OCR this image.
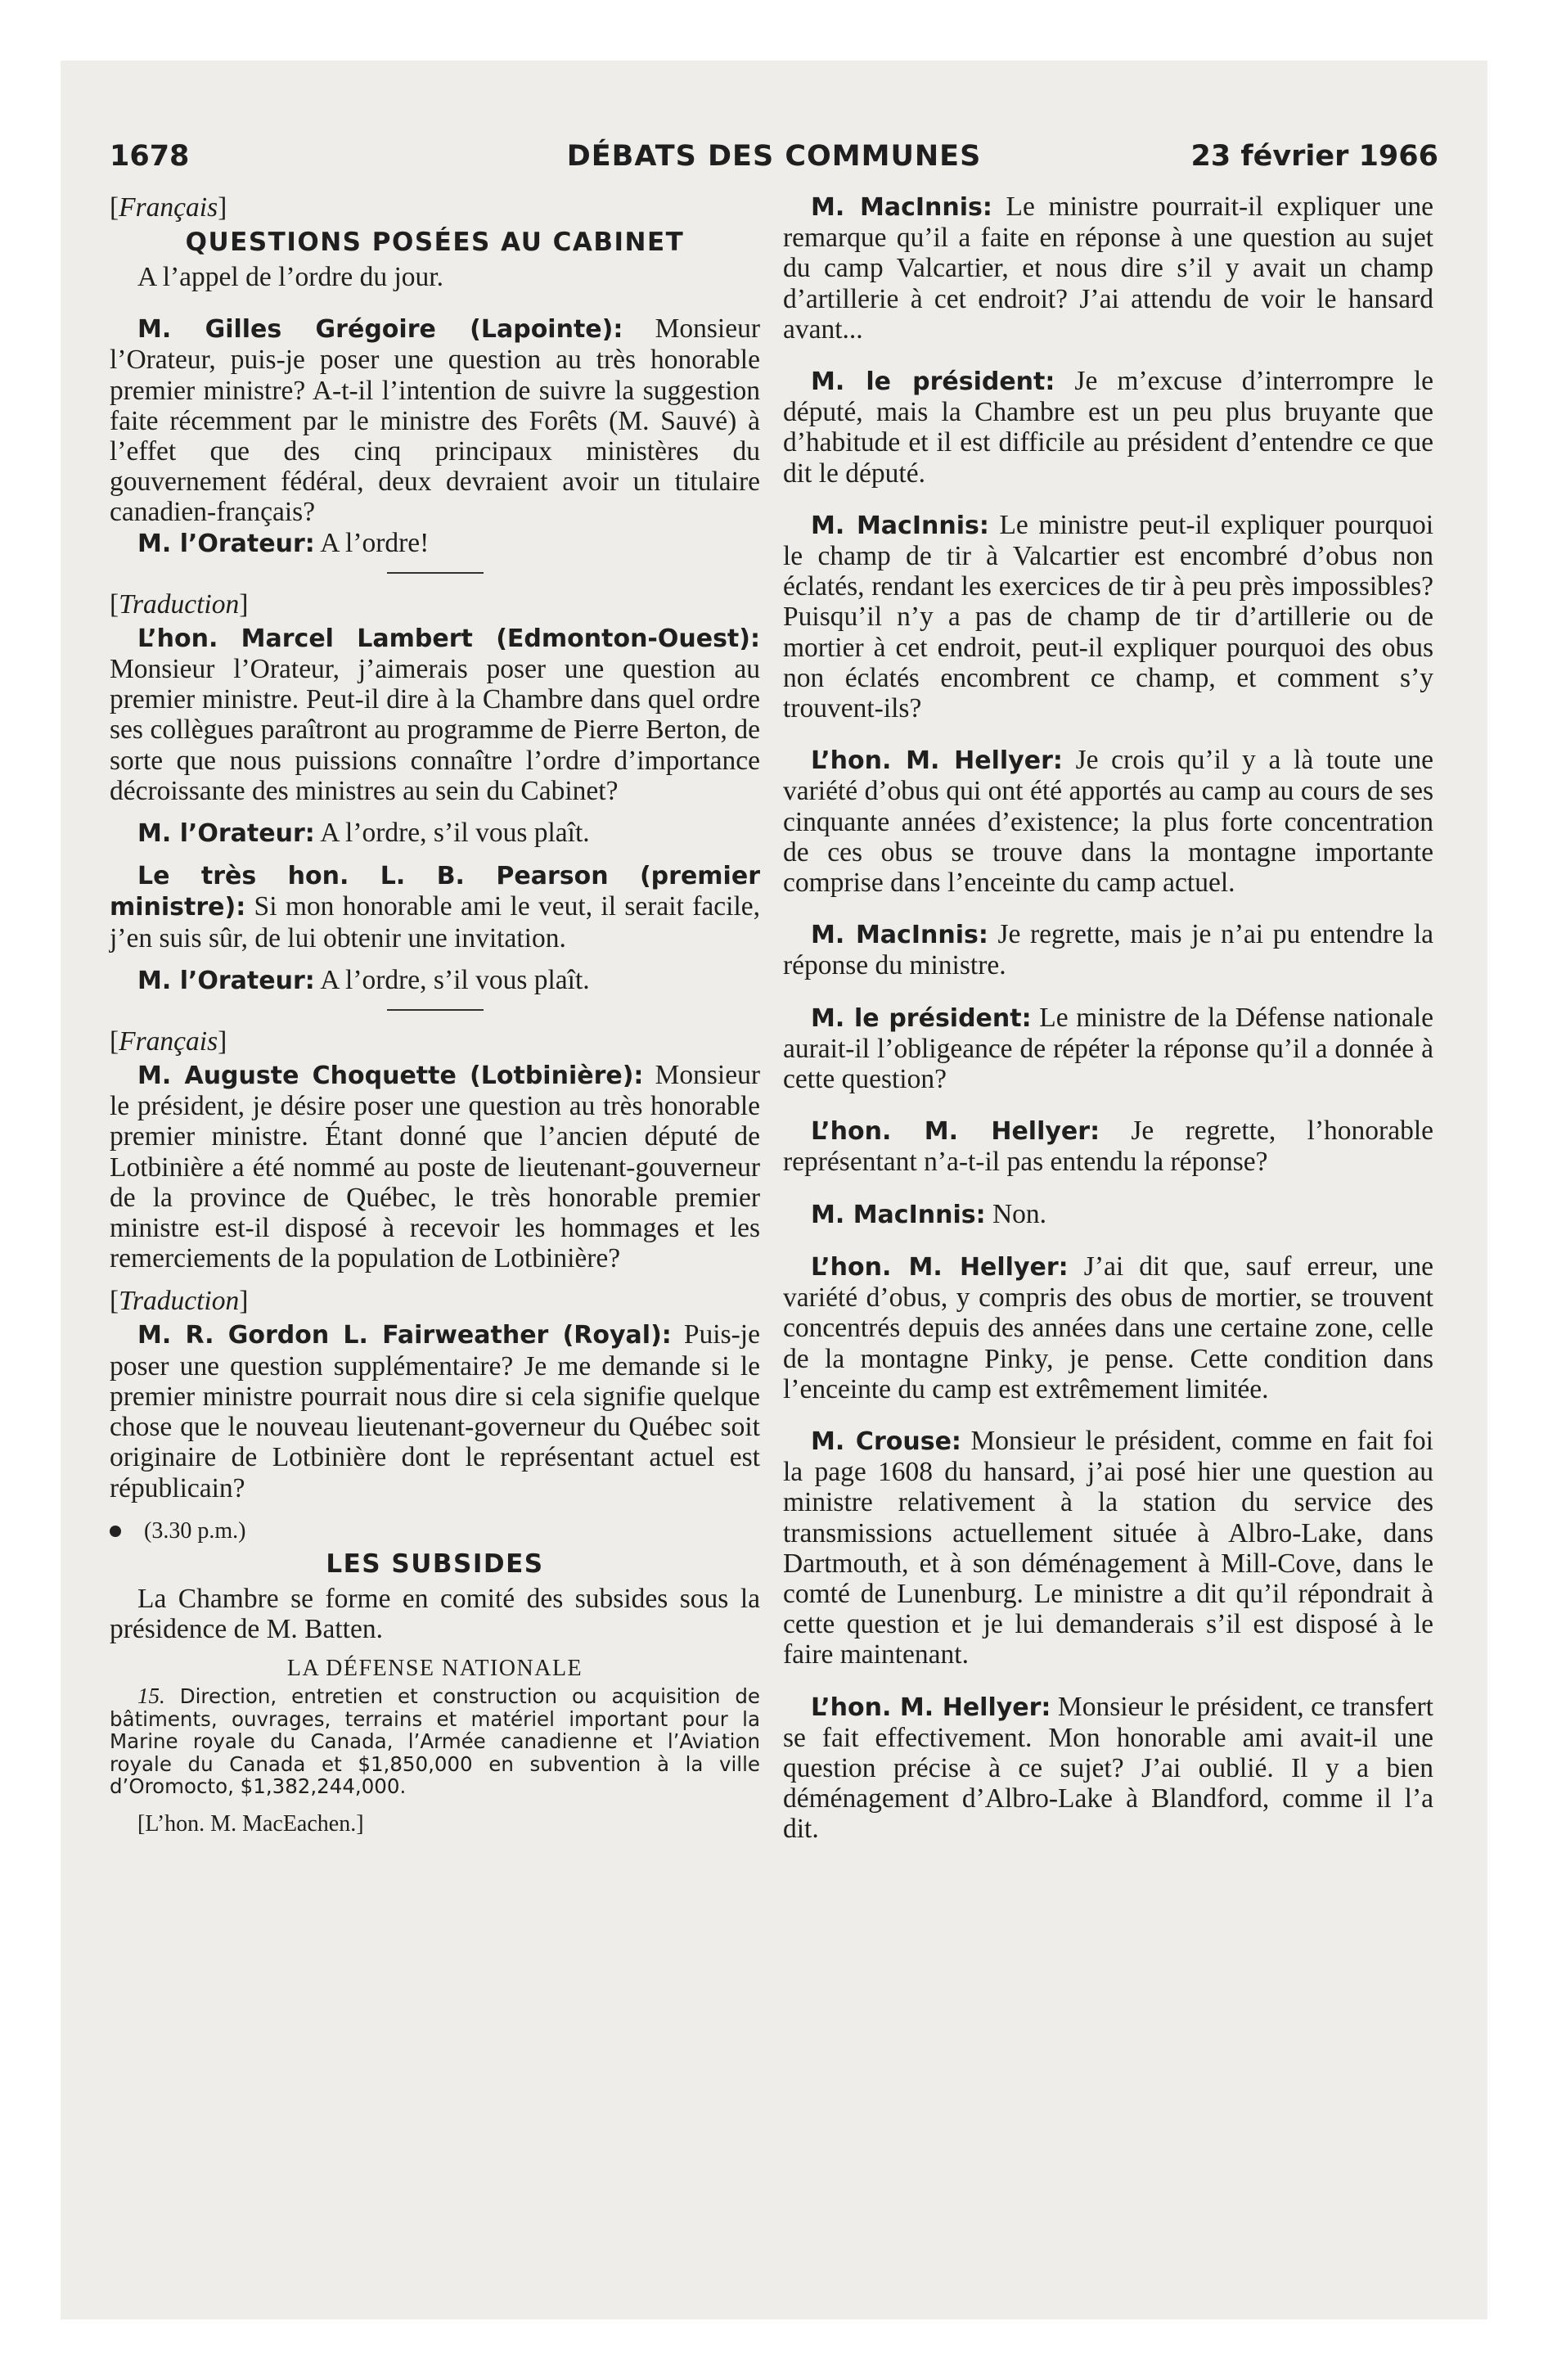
1678	DÉBATS DES COMMUNES	23 février 1966

[Français]

QUESTIONS POSÉES AU CABINET

A l’appel de l’ordre du jour.

M. Gilles Grégoire (Lapointe): Monsieur l’Orateur, puis-je poser une question au très honorable premier ministre? A-t-il l’intention de suivre la suggestion faite récemment par le ministre des Forêts (M. Sauvé) à l’effet que des cinq principaux ministères du gouvernement fédéral, deux devraient avoir un titulaire canadien-français?

M. l’Orateur: A l’ordre!

[Traduction]

L’hon. Marcel Lambert (Edmonton-Ouest): Monsieur l’Orateur, j’aimerais poser une question au premier ministre. Peut-il dire à la Chambre dans quel ordre ses collègues paraîtront au programme de Pierre Berton, de sorte que nous puissions connaître l’ordre d’importance décroissante des ministres au sein du Cabinet?

M. l’Orateur: A l’ordre, s’il vous plaît.

Le très hon. L. B. Pearson (premier ministre): Si mon honorable ami le veut, il serait facile, j’en suis sûr, de lui obtenir une invitation.

M. l’Orateur: A l’ordre, s’il vous plaît.

[Français]

M. Auguste Choquette (Lotbinière): Monsieur le président, je désire poser une question au très honorable premier ministre. Étant donné que l’ancien député de Lotbinière a été nommé au poste de lieutenant-gouverneur de la province de Québec, le très honorable premier ministre est-il disposé à recevoir les hommages et les remerciements de la population de Lotbinière?

[Traduction]

M. R. Gordon L. Fairweather (Royal): Puis-je poser une question supplémentaire? Je me demande si le premier ministre pourrait nous dire si cela signifie quelque chose que le nouveau lieutenant-governeur du Québec soit originaire de Lotbinière dont le représentant actuel est républicain?

(3.30 p.m.)

LES SUBSIDES

La Chambre se forme en comité des subsides sous la présidence de M. Batten.

LA DÉFENSE NATIONALE

15. Direction, entretien et construction ou acquisition de bâtiments, ouvrages, terrains et matériel important pour la Marine royale du Canada, l’Armée canadienne et l’Aviation royale du Canada et $1,850,000 en subvention à la ville d’Oromocto, $1,382,244,000.

[L’hon. M. MacEachen.]

M. MacInnis: Le ministre pourrait-il expliquer une remarque qu’il a faite en réponse à une question au sujet du camp Valcartier, et nous dire s’il y avait un champ d’artillerie à cet endroit? J’ai attendu de voir le hansard avant...

M. le président: Je m’excuse d’interrompre le député, mais la Chambre est un peu plus bruyante que d’habitude et il est difficile au président d’entendre ce que dit le député.

M. MacInnis: Le ministre peut-il expliquer pourquoi le champ de tir à Valcartier est encombré d’obus non éclatés, rendant les exercices de tir à peu près impossibles? Puisqu’il n’y a pas de champ de tir d’artillerie ou de mortier à cet endroit, peut-il expliquer pourquoi des obus non éclatés encombrent ce champ, et comment s’y trouvent-ils?

L’hon. M. Hellyer: Je crois qu’il y a là toute une variété d’obus qui ont été apportés au camp au cours de ses cinquante années d’existence; la plus forte concentration de ces obus se trouve dans la montagne importante comprise dans l’enceinte du camp actuel.

M. MacInnis: Je regrette, mais je n’ai pu entendre la réponse du ministre.

M. le président: Le ministre de la Défense nationale aurait-il l’obligeance de répéter la réponse qu’il a donnée à cette question?

L’hon. M. Hellyer: Je regrette, l’honorable représentant n’a-t-il pas entendu la réponse?

M. MacInnis: Non.

L’hon. M. Hellyer: J’ai dit que, sauf erreur, une variété d’obus, y compris des obus de mortier, se trouvent concentrés depuis des années dans une certaine zone, celle de la montagne Pinky, je pense. Cette condition dans l’enceinte du camp est extrêmement limitée.

M. Crouse: Monsieur le président, comme en fait foi la page 1608 du hansard, j’ai posé hier une question au ministre relativement à la station du service des transmissions actuellement située à Albro-Lake, dans Dartmouth, et à son déménagement à Mill-Cove, dans le comté de Lunenburg. Le ministre a dit qu’il répondrait à cette question et je lui demanderais s’il est disposé à le faire maintenant.

L’hon. M. Hellyer: Monsieur le président, ce transfert se fait effectivement. Mon honorable ami avait-il une question précise à ce sujet? J’ai oublié. Il y a bien déménagement d’Albro-Lake à Blandford, comme il l’a dit.
